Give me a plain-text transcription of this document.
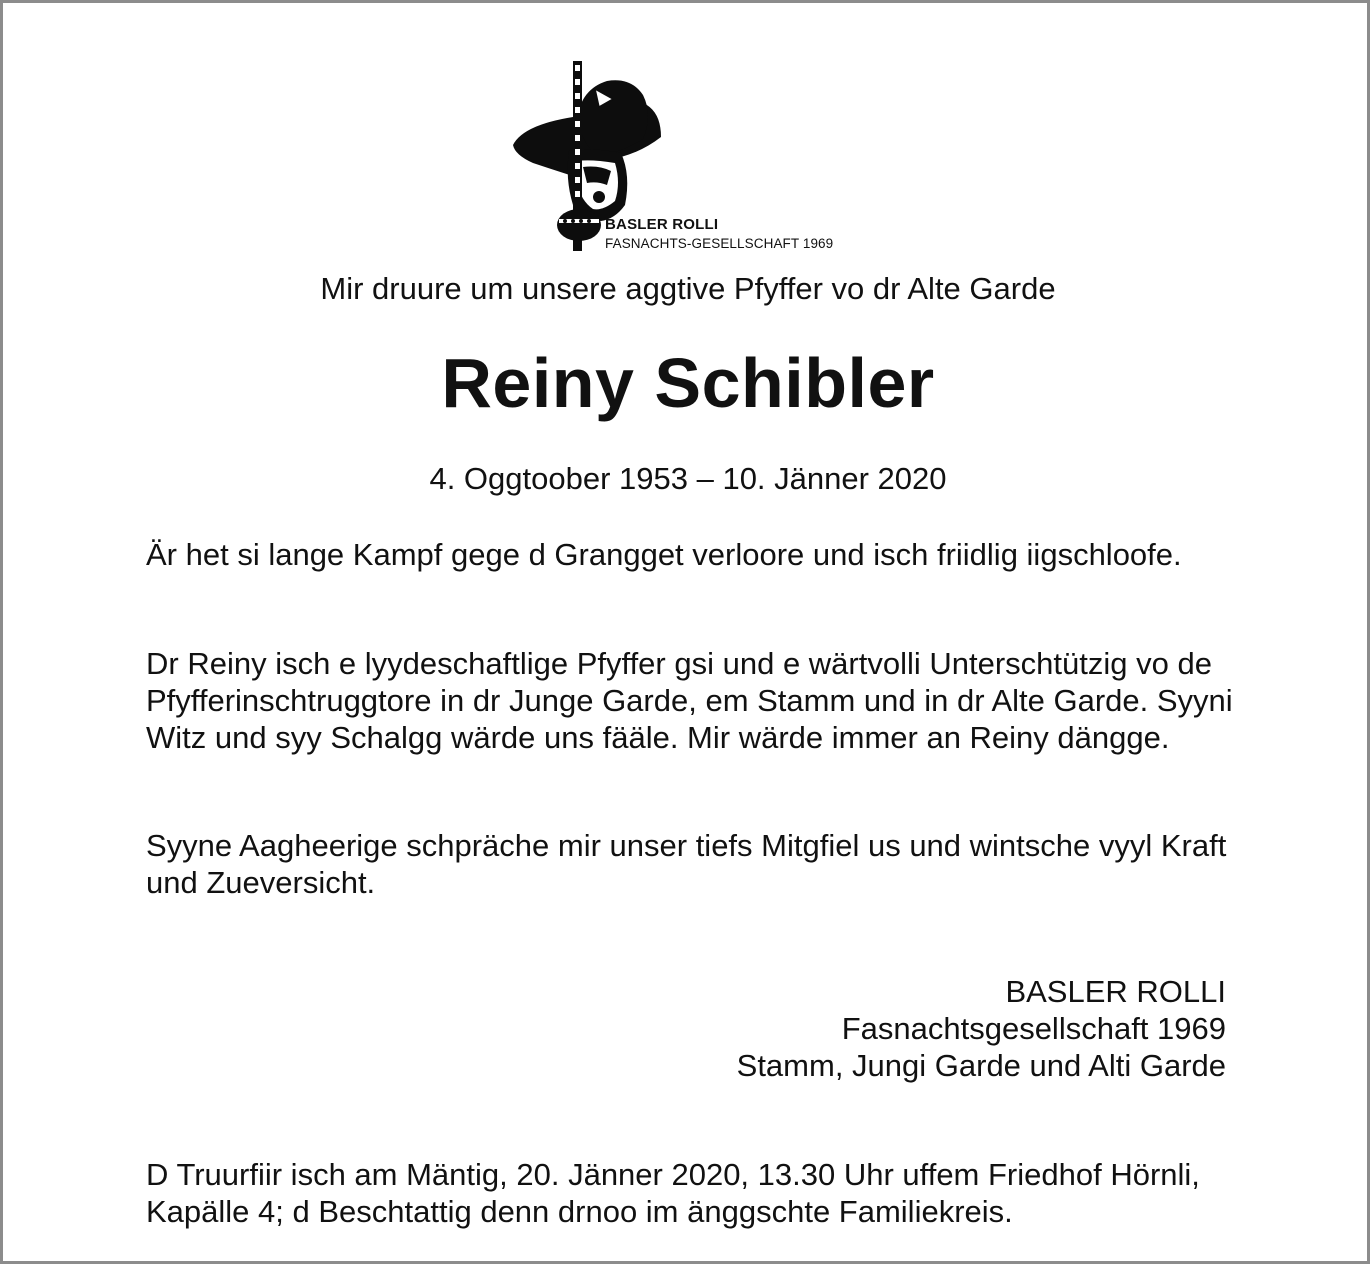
BASLER ROLLI
FASNACHTS-GESELLSCHAFT 1969
Mir druure um unsere aggtive Pfyffer vo dr Alte Garde
Reiny Schibler
4. Oggtoober 1953 – 10. Jänner 2020
Är het si lange Kampf gege d Grangget verloore und isch friidlig iigschloofe.
Dr Reiny isch e lyydeschaftlige Pfyffer gsi und e wärtvolli Unterschtützig vo de Pfyfferinschtruggtore in dr Junge Garde, em Stamm und in dr Alte Garde. Syyni Witz und syy Schalgg wärde uns fääle. Mir wärde immer an Reiny dängge.
Syyne Aagheerige schpräche mir unser tiefs Mitgfiel us und wintsche vyyl Kraft und Zueversicht.
BASLER ROLLI
Fasnachtsgesellschaft 1969
Stamm, Jungi Garde und Alti Garde
D Truurfiir isch am Mäntig, 20. Jänner 2020, 13.30 Uhr uffem Friedhof Hörnli, Kapälle 4; d Beschtattig denn drnoo im änggschte Familiekreis.
